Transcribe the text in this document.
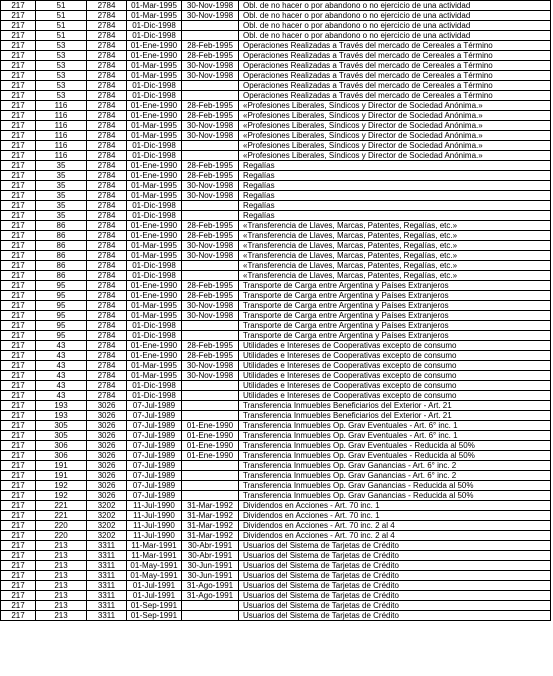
217	51	2784	01-Mar-1995	30-Nov-1998	Obl. de no hacer o por abandono o no ejercicio de una actividad
217	51	2784	01-Mar-1995	30-Nov-1998	Obl. de no hacer o por abandono o no ejercicio de una actividad
217	51	2784	01-Dic-1998		Obl. de no hacer o por abandono o no ejercicio de una actividad
217	51	2784	01-Dic-1998		Obl. de no hacer o por abandono o no ejercicio de una actividad
217	53	2784	01-Ene-1990	28-Feb-1995	Operaciones Realizadas a Través del mercado de Cereales a Término
217	53	2784	01-Ene-1990	28-Feb-1995	Operaciones Realizadas a Través del mercado de Cereales a Término
217	53	2784	01-Mar-1995	30-Nov-1998	Operaciones Realizadas a Través del mercado de Cereales a Término
217	53	2784	01-Mar-1995	30-Nov-1998	Operaciones Realizadas a Través del mercado de Cereales a Término
217	53	2784	01-Dic-1998		Operaciones Realizadas a Través del mercado de Cereales a Término
217	53	2784	01-Dic-1998		Operaciones Realizadas a Través del mercado de Cereales a Término
217	116	2784	01-Ene-1990	28-Feb-1995	«Profesiones Liberales, Síndicos y Director de Sociedad Anónima.»
217	116	2784	01-Ene-1990	28-Feb-1995	«Profesiones Liberales, Síndicos y Director de Sociedad Anónima.»
217	116	2784	01-Mar-1995	30-Nov-1998	«Profesiones Liberales, Síndicos y Director de Sociedad Anónima.»
217	116	2784	01-Mar-1995	30-Nov-1998	«Profesiones Liberales, Síndicos y Director de Sociedad Anónima.»
217	116	2784	01-Dic-1998		«Profesiones Liberales, Síndicos y Director de Sociedad Anónima.»
217	116	2784	01-Dic-1998		«Profesiones Liberales, Síndicos y Director de Sociedad Anónima.»
217	35	2784	01-Ene-1990	28-Feb-1995	Regalías
217	35	2784	01-Ene-1990	28-Feb-1995	Regalías
217	35	2784	01-Mar-1995	30-Nov-1998	Regalías
217	35	2784	01-Mar-1995	30-Nov-1998	Regalías
217	35	2784	01-Dic-1998		Regalías
217	35	2784	01-Dic-1998		Regalías
217	86	2784	01-Ene-1990	28-Feb-1995	«Transferencia de Llaves, Marcas, Patentes, Regalías, etc.»
217	86	2784	01-Ene-1990	28-Feb-1995	«Transferencia de Llaves, Marcas, Patentes, Regalías, etc.»
217	86	2784	01-Mar-1995	30-Nov-1998	«Transferencia de Llaves, Marcas, Patentes, Regalías, etc.»
217	86	2784	01-Mar-1995	30-Nov-1998	«Transferencia de Llaves, Marcas, Patentes, Regalías, etc.»
217	86	2784	01-Dic-1998		«Transferencia de Llaves, Marcas, Patentes, Regalías, etc.»
217	86	2784	01-Dic-1998		«Transferencia de Llaves, Marcas, Patentes, Regalías, etc.»
217	95	2784	01-Ene-1990	28-Feb-1995	Transporte de Carga entre Argentina y Países Extranjeros
217	95	2784	01-Ene-1990	28-Feb-1995	Transporte de Carga entre Argentina y Países Extranjeros
217	95	2784	01-Mar-1995	30-Nov-1998	Transporte de Carga entre Argentina y Países Extranjeros
217	95	2784	01-Mar-1995	30-Nov-1998	Transporte de Carga entre Argentina y Países Extranjeros
217	95	2784	01-Dic-1998		Transporte de Carga entre Argentina y Países Extranjeros
217	95	2784	01-Dic-1998		Transporte de Carga entre Argentina y Países Extranjeros
217	43	2784	01-Ene-1990	28-Feb-1995	Utilidades e Intereses de Cooperativas excepto de consumo
217	43	2784	01-Ene-1990	28-Feb-1995	Utilidades e Intereses de Cooperativas excepto de consumo
217	43	2784	01-Mar-1995	30-Nov-1998	Utilidades e Intereses de Cooperativas excepto de consumo
217	43	2784	01-Mar-1995	30-Nov-1998	Utilidades e Intereses de Cooperativas excepto de consumo
217	43	2784	01-Dic-1998		Utilidades e Intereses de Cooperativas excepto de consumo
217	43	2784	01-Dic-1998		Utilidades e Intereses de Cooperativas excepto de consumo
217	193	3026	07-Jul-1989		Transferencia Inmuebles Beneficiarios del Exterior - Art. 21
217	193	3026	07-Jul-1989		Transferencia Inmuebles Beneficiarios del Exterior - Art. 21
217	305	3026	07-Jul-1989	01-Ene-1990	Transferencia Inmuebles Op. Grav Eventuales - Art. 6° inc. 1
217	305	3026	07-Jul-1989	01-Ene-1990	Transferencia Inmuebles Op. Grav Eventuales - Art. 6° inc. 1
217	306	3026	07-Jul-1989	01-Ene-1990	Transferencia Inmuebles Op. Grav Eventuales - Reducida al 50%
217	306	3026	07-Jul-1989	01-Ene-1990	Transferencia Inmuebles Op. Grav Eventuales - Reducida al 50%
217	191	3026	07-Jul-1989		Transferencia Inmuebles Op. Grav Ganancias - Art. 6° inc. 2
217	191	3026	07-Jul-1989		Transferencia Inmuebles Op. Grav Ganancias - Art. 6° inc. 2
217	192	3026	07-Jul-1989		Transferencia Inmuebles Op. Grav Ganancias - Reducida al 50%
217	192	3026	07-Jul-1989		Transferencia Inmuebles Op. Grav Ganancias - Reducida al 50%
217	221	3202	11-Jul-1990	31-Mar-1992	Dividendos en Acciones - Art. 70 inc. 1
217	221	3202	11-Jul-1990	31-Mar-1992	Dividendos en Acciones - Art. 70 inc. 1
217	220	3202	11-Jul-1990	31-Mar-1992	Dividendos en Acciones - Art. 70 inc. 2 al 4
217	220	3202	11-Jul-1990	31-Mar-1992	Dividendos en Acciones - Art. 70 inc. 2 al 4
217	213	3311	11-Mar-1991	30-Abr-1991	Usuarios del Sistema de Tarjetas de Crédito
217	213	3311	11-Mar-1991	30-Abr-1991	Usuarios del Sistema de Tarjetas de Crédito
217	213	3311	01-May-1991	30-Jun-1991	Usuarios del Sistema de Tarjetas de Crédito
217	213	3311	01-May-1991	30-Jun-1991	Usuarios del Sistema de Tarjetas de Crédito
217	213	3311	01-Jul-1991	31-Ago-1991	Usuarios del Sistema de Tarjetas de Crédito
217	213	3311	01-Jul-1991	31-Ago-1991	Usuarios del Sistema de Tarjetas de Crédito
217	213	3311	01-Sep-1991		Usuarios del Sistema de Tarjetas de Crédito
217	213	3311	01-Sep-1991		Usuarios del Sistema de Tarjetas de Crédito
